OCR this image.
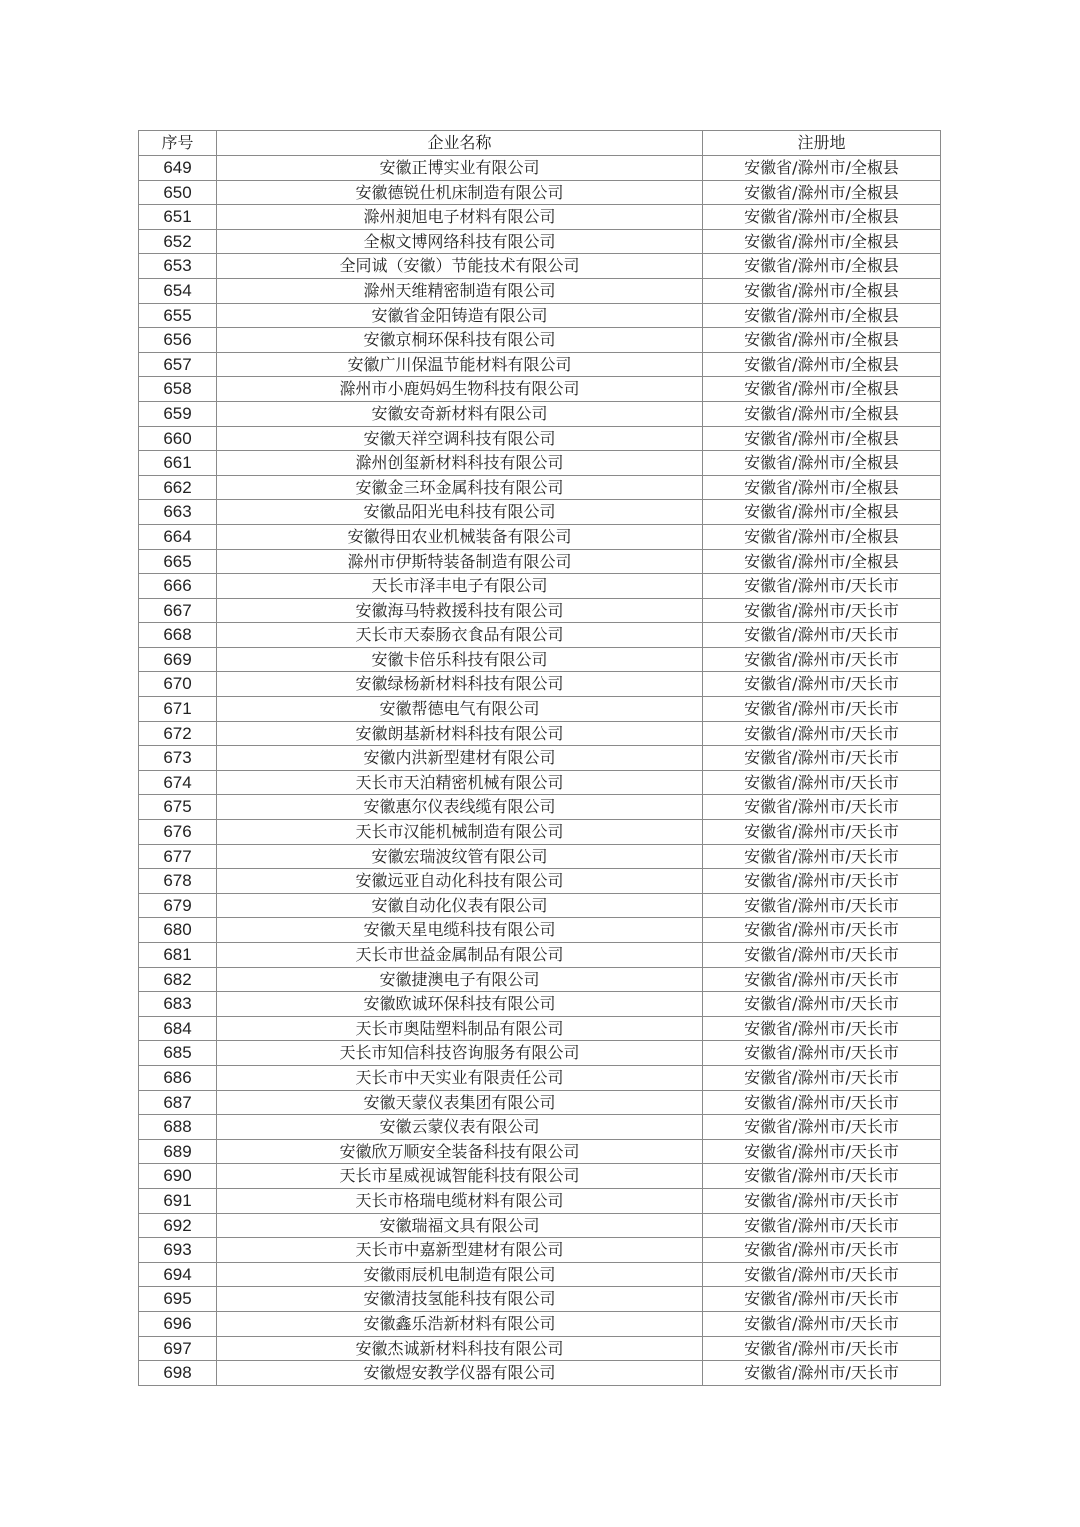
序号	企业名称	注册地
649	安徽正博实业有限公司	安徽省/滁州市/全椒县
650	安徽德锐仕机床制造有限公司	安徽省/滁州市/全椒县
651	滁州昶旭电子材料有限公司	安徽省/滁州市/全椒县
652	全椒文博网络科技有限公司	安徽省/滁州市/全椒县
653	全同诚（安徽）节能技术有限公司	安徽省/滁州市/全椒县
654	滁州天维精密制造有限公司	安徽省/滁州市/全椒县
655	安徽省金阳铸造有限公司	安徽省/滁州市/全椒县
656	安徽京桐环保科技有限公司	安徽省/滁州市/全椒县
657	安徽广川保温节能材料有限公司	安徽省/滁州市/全椒县
658	滁州市小鹿妈妈生物科技有限公司	安徽省/滁州市/全椒县
659	安徽安奇新材料有限公司	安徽省/滁州市/全椒县
660	安徽天祥空调科技有限公司	安徽省/滁州市/全椒县
661	滁州创玺新材料科技有限公司	安徽省/滁州市/全椒县
662	安徽金三环金属科技有限公司	安徽省/滁州市/全椒县
663	安徽品阳光电科技有限公司	安徽省/滁州市/全椒县
664	安徽得田农业机械装备有限公司	安徽省/滁州市/全椒县
665	滁州市伊斯特装备制造有限公司	安徽省/滁州市/全椒县
666	天长市泽丰电子有限公司	安徽省/滁州市/天长市
667	安徽海马特救援科技有限公司	安徽省/滁州市/天长市
668	天长市天泰肠衣食品有限公司	安徽省/滁州市/天长市
669	安徽卡倍乐科技有限公司	安徽省/滁州市/天长市
670	安徽绿杨新材料科技有限公司	安徽省/滁州市/天长市
671	安徽帮德电气有限公司	安徽省/滁州市/天长市
672	安徽朗基新材料科技有限公司	安徽省/滁州市/天长市
673	安徽内洪新型建材有限公司	安徽省/滁州市/天长市
674	天长市天泊精密机械有限公司	安徽省/滁州市/天长市
675	安徽惠尔仪表线缆有限公司	安徽省/滁州市/天长市
676	天长市汉能机械制造有限公司	安徽省/滁州市/天长市
677	安徽宏瑞波纹管有限公司	安徽省/滁州市/天长市
678	安徽远亚自动化科技有限公司	安徽省/滁州市/天长市
679	安徽自动化仪表有限公司	安徽省/滁州市/天长市
680	安徽天星电缆科技有限公司	安徽省/滁州市/天长市
681	天长市世益金属制品有限公司	安徽省/滁州市/天长市
682	安徽捷澳电子有限公司	安徽省/滁州市/天长市
683	安徽欧诚环保科技有限公司	安徽省/滁州市/天长市
684	天长市奥陆塑料制品有限公司	安徽省/滁州市/天长市
685	天长市知信科技咨询服务有限公司	安徽省/滁州市/天长市
686	天长市中天实业有限责任公司	安徽省/滁州市/天长市
687	安徽天蒙仪表集团有限公司	安徽省/滁州市/天长市
688	安徽云蒙仪表有限公司	安徽省/滁州市/天长市
689	安徽欣万顺安全装备科技有限公司	安徽省/滁州市/天长市
690	天长市星威视诚智能科技有限公司	安徽省/滁州市/天长市
691	天长市格瑞电缆材料有限公司	安徽省/滁州市/天长市
692	安徽瑞福文具有限公司	安徽省/滁州市/天长市
693	天长市中嘉新型建材有限公司	安徽省/滁州市/天长市
694	安徽雨辰机电制造有限公司	安徽省/滁州市/天长市
695	安徽清技氢能科技有限公司	安徽省/滁州市/天长市
696	安徽鑫乐浩新材料有限公司	安徽省/滁州市/天长市
697	安徽杰诚新材料科技有限公司	安徽省/滁州市/天长市
698	安徽煜安教学仪器有限公司	安徽省/滁州市/天长市
